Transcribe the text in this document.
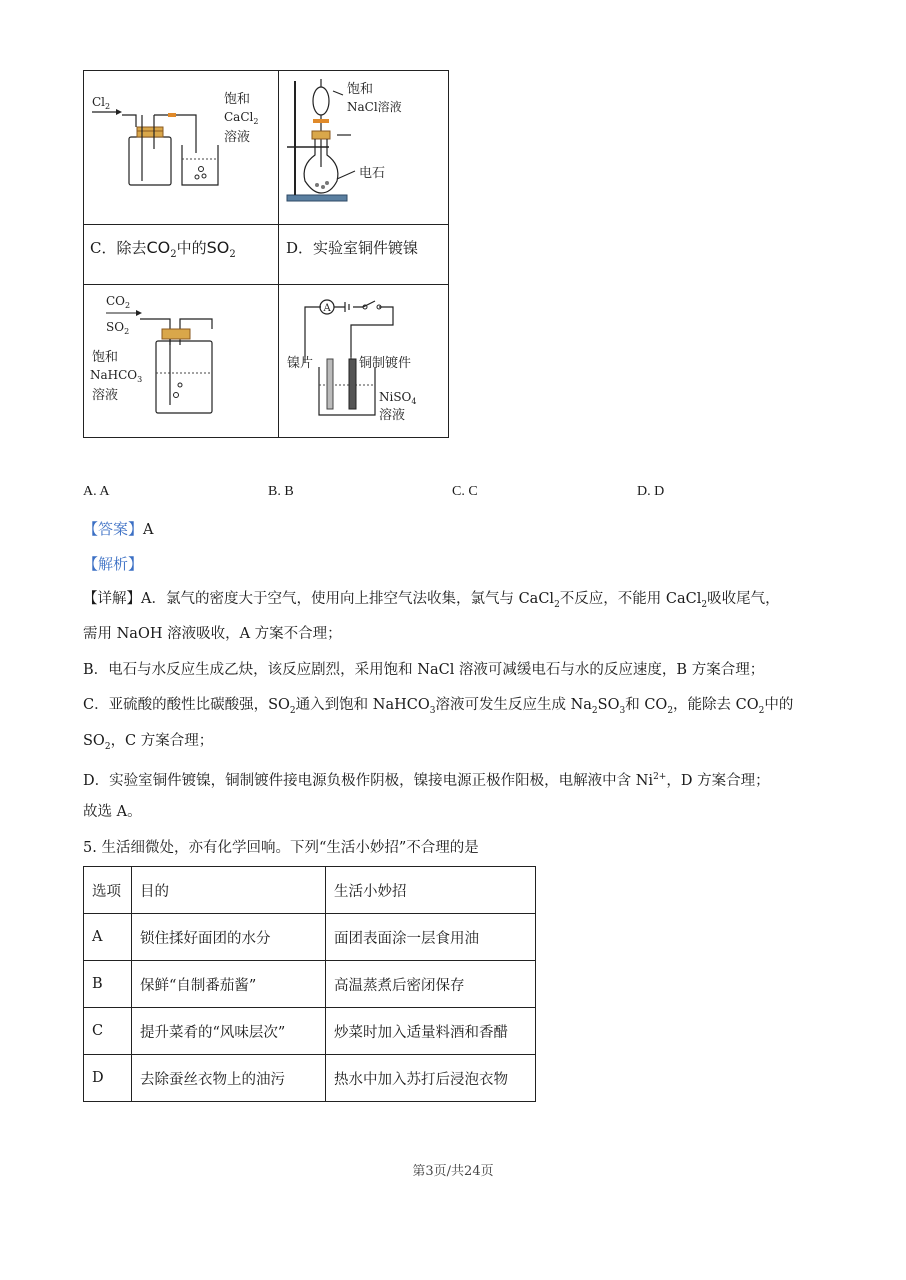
$Cl_2$	饱和
CaCl$_2$
溶液
饱和
NaCl溶液
电石
C．除去$CO_2$中的$SO_2$	D．实验室铜件镀镍
$CO_2$
$SO_2$
饱和
NaHCO$_3$
溶液
A
镍片	铜制镀件
NiSO$_4$
溶液
A. A	B. B	C. C	D. D
【答案】A
【解析】
【详解】A．氯气的密度大于空气，使用向上排空气法收集，氯气与 CaCl$_2$不反应，不能用 CaCl$_2$吸收尾气，
需用 NaOH 溶液吸收，A 方案不合理；
B．电石与水反应生成乙炔，该反应剧烈，采用饱和 NaCl 溶液可减缓电石与水的反应速度，B 方案合理；
C．亚硫酸的酸性比碳酸强，$SO_2$通入到饱和 NaHCO$_3$溶液可发生反应生成 $Na_2SO_3$和 $CO_2$，能除去 $CO_2$中的
$SO_2$，C 方案合理；
D．实验室铜件镀镍，铜制镀件接电源负极作阴极，镍接电源正极作阳极，电解液中含 $Ni^{2+}$，D 方案合理；
故选 A。
5. 生活细微处，亦有化学回响。下列“生活小妙招”不合理的是
选项	目的	生活小妙招
A	锁住揉好面团的水分	面团表面涂一层食用油
B	保鲜“自制番茄酱”	高温蒸煮后密闭保存
C	提升菜肴的“风味层次”	炒菜时加入适量料酒和香醋
D	去除蚕丝衣物上的油污	热水中加入苏打后浸泡衣物
第3页/共24页
